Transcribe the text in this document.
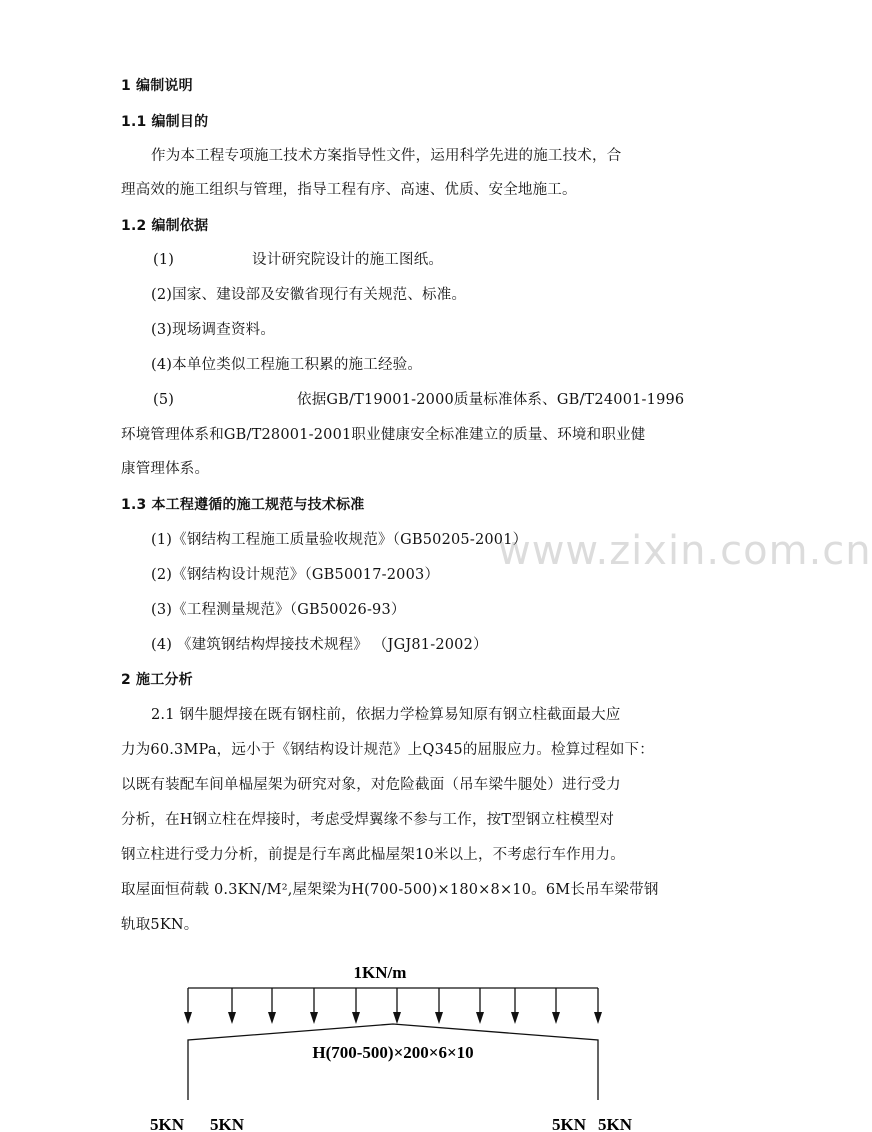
www.zixin.com.cn
1 编制说明
1.1 编制目的
作为本工程专项施工技术方案指导性文件，运用科学先进的施工技术，合
理高效的施工组织与管理，指导工程有序、高速、优质、安全地施工。
1.2 编制依据
(1)	设计研究院设计的施工图纸。
(2)国家、建设部及安徽省现行有关规范、标准。
(3)现场调查资料。
(4)本单位类似工程施工积累的施工经验。
(5)	依据GB/T19001-2000质量标准体系、GB/T24001-1996
环境管理体系和GB/T28001-2001职业健康安全标准建立的质量、环境和职业健
康管理体系。
1.3 本工程遵循的施工规范与技术标准
(1)《钢结构工程施工质量验收规范》（GB50205-2001）
(2)《钢结构设计规范》（GB50017-2003）
(3)《工程测量规范》（GB50026-93）
(4) 《建筑钢结构焊接技术规程》 （JGJ81-2002）
2 施工分析
2.1 钢牛腿焊接在既有钢柱前，依据力学检算易知原有钢立柱截面最大应
力为60.3MPa，远小于《钢结构设计规范》上Q345的屈服应力。检算过程如下：
以既有装配车间单榀屋架为研究对象，对危险截面（吊车梁牛腿处）进行受力
分析，在H钢立柱在焊接时，考虑受焊翼缘不参与工作，按T型钢立柱模型对
钢立柱进行受力分析，前提是行车离此榀屋架10米以上，不考虑行车作用力。
取屋面恒荷载 0.3KN/M²,屋架梁为H(700-500)×180×8×10。6M长吊车梁带钢
轨取5KN。
1KN/m
H(700-500)×200×6×10
5KN 5KN	5KN 5KN
